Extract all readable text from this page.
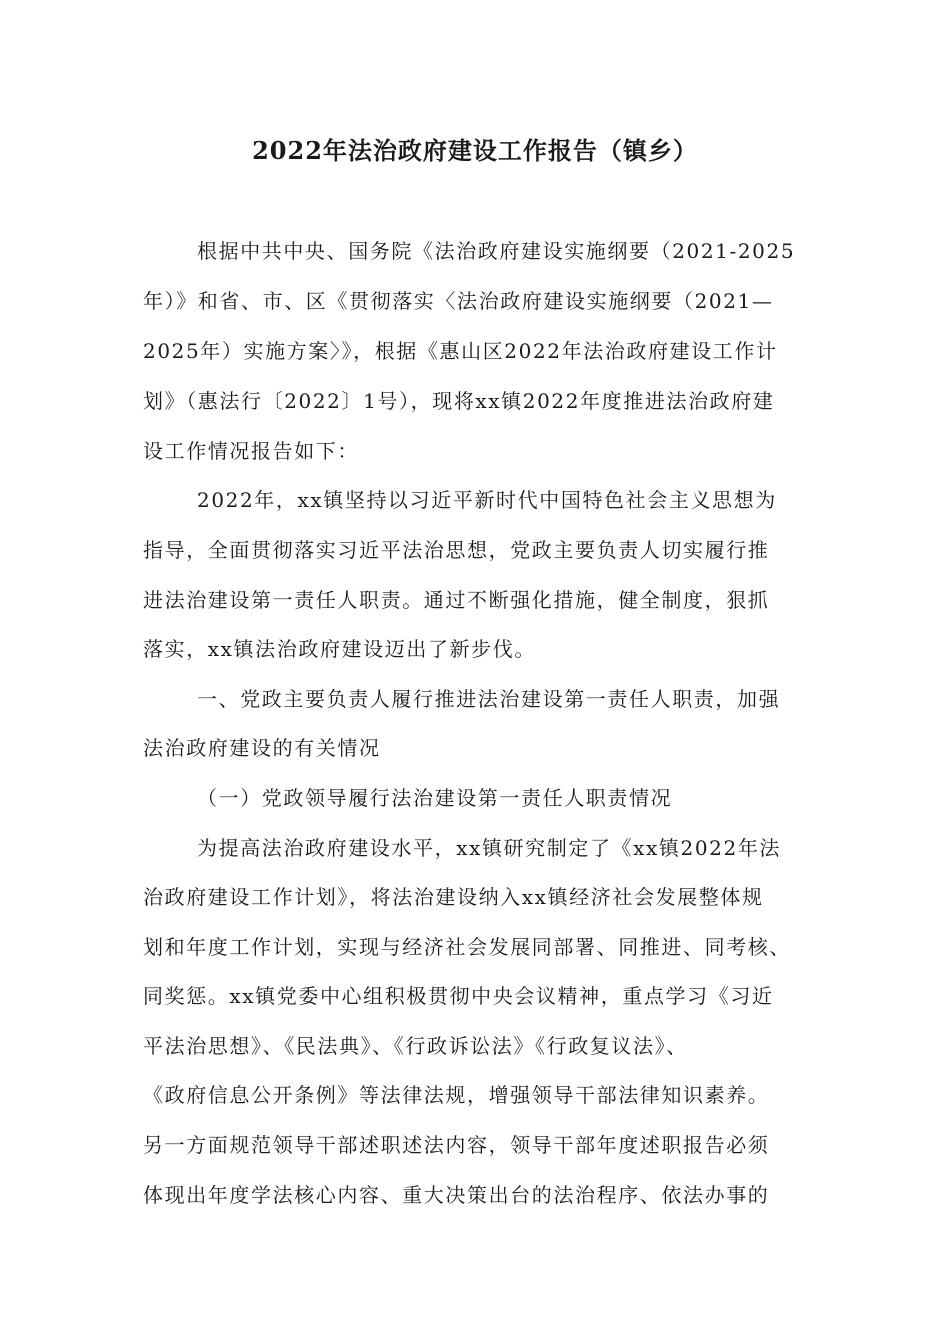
2022年法治政府建设工作报告（镇乡）
根据中共中央、国务院《法治政府建设实施纲要（2021-2025
年）》和省、市、区《贯彻落实〈法治政府建设实施纲要（2021—
2025年）实施方案〉》，根据《惠山区2022年法治政府建设工作计
划》（惠法行〔2022〕1号），现将xx镇2022年度推进法治政府建
设工作情况报告如下：
2022年，xx镇坚持以习近平新时代中国特色社会主义思想为
指导，全面贯彻落实习近平法治思想，党政主要负责人切实履行推
进法治建设第一责任人职责。通过不断强化措施，健全制度，狠抓
落实，xx镇法治政府建设迈出了新步伐。
一、党政主要负责人履行推进法治建设第一责任人职责，加强
法治政府建设的有关情况
（一）党政领导履行法治建设第一责任人职责情况
为提高法治政府建设水平，xx镇研究制定了《xx镇2022年法
治政府建设工作计划》，将法治建设纳入xx镇经济社会发展整体规
划和年度工作计划，实现与经济社会发展同部署、同推进、同考核、
同奖惩。xx镇党委中心组积极贯彻中央会议精神，重点学习《习近
平法治思想》、《民法典》、《行政诉讼法》《行政复议法》、
《政府信息公开条例》等法律法规，增强领导干部法律知识素养。
另一方面规范领导干部述职述法内容，领导干部年度述职报告必须
体现出年度学法核心内容、重大决策出台的法治程序、依法办事的
